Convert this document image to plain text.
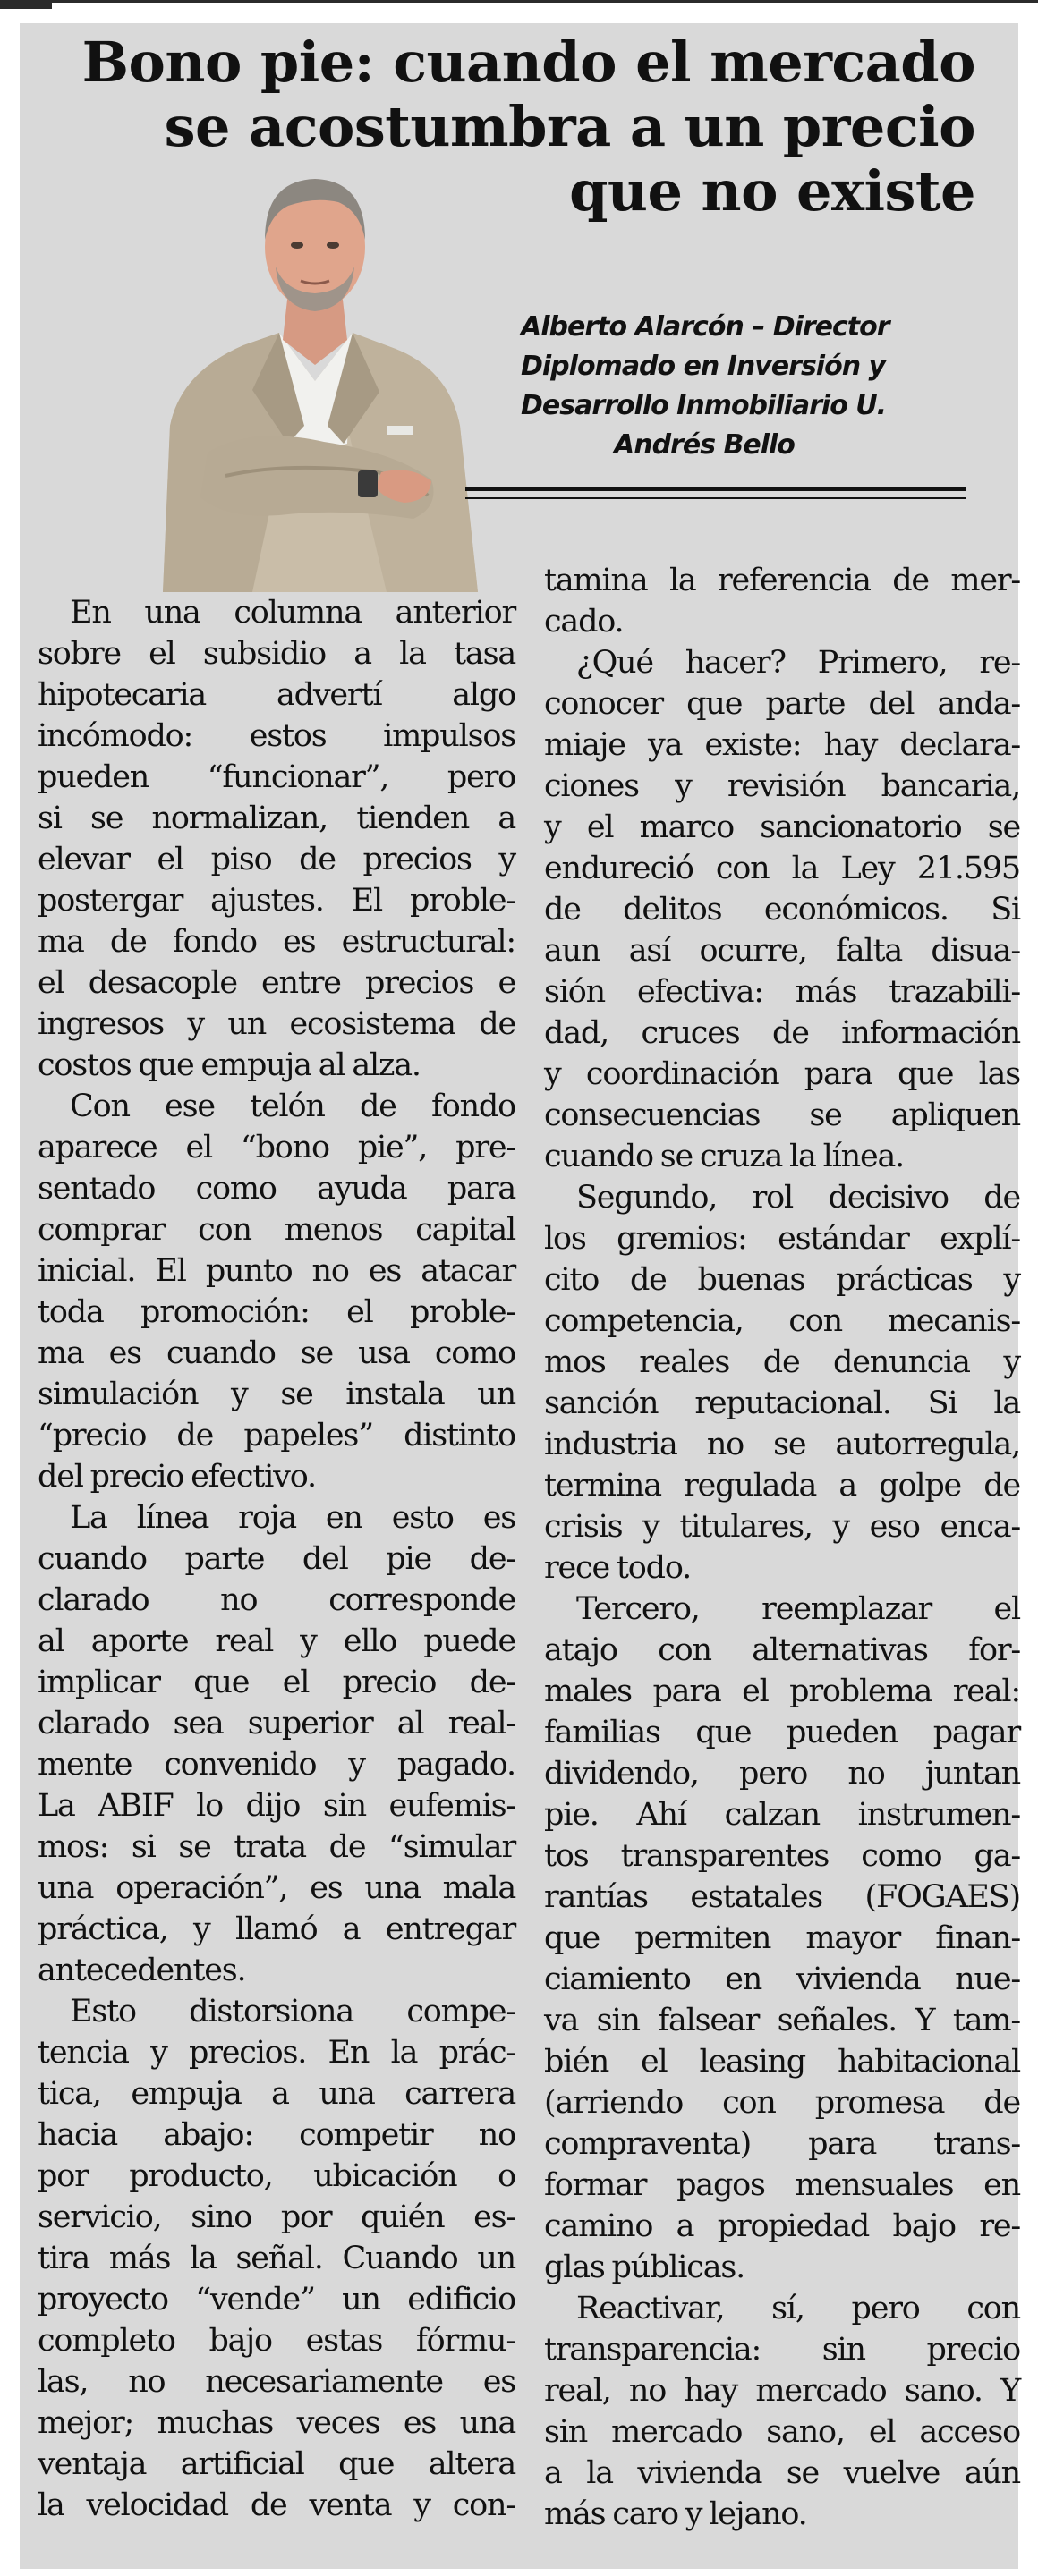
Bono pie: cuando el mercado
se acostumbra a un precio
que no existe
Alberto Alarcón – Director
Diplomado en Inversión y
Desarrollo Inmobiliario U.
Andrés Bello
En una columna anterior
sobre el subsidio a la tasa
hipotecaria advertí algo
incómodo: estos impulsos
pueden “funcionar”, pero
si se normalizan, tienden a
elevar el piso de precios y
postergar ajustes. El proble-
ma de fondo es estructural:
el desacople entre precios e
ingresos y un ecosistema de
costos que empuja al alza.
Con ese telón de fondo
aparece el “bono pie”, pre-
sentado como ayuda para
comprar con menos capital
inicial. El punto no es atacar
toda promoción: el proble-
ma es cuando se usa como
simulación y se instala un
“precio de papeles” distinto
del precio efectivo.
La línea roja en esto es
cuando parte del pie de-
clarado no corresponde
al aporte real y ello puede
implicar que el precio de-
clarado sea superior al real-
mente convenido y pagado.
La ABIF lo dijo sin eufemis-
mos: si se trata de “simular
una operación”, es una mala
práctica, y llamó a entregar
antecedentes.
Esto distorsiona compe-
tencia y precios. En la prác-
tica, empuja a una carrera
hacia abajo: competir no
por producto, ubicación o
servicio, sino por quién es-
tira más la señal. Cuando un
proyecto “vende” un edificio
completo bajo estas fórmu-
las, no necesariamente es
mejor; muchas veces es una
ventaja artificial que altera
la velocidad de venta y con-
tamina la referencia de mer-
cado.
¿Qué hacer? Primero, re-
conocer que parte del anda-
miaje ya existe: hay declara-
ciones y revisión bancaria,
y el marco sancionatorio se
endureció con la Ley 21.595
de delitos económicos. Si
aun así ocurre, falta disua-
sión efectiva: más trazabili-
dad, cruces de información
y coordinación para que las
consecuencias se apliquen
cuando se cruza la línea.
Segundo, rol decisivo de
los gremios: estándar explí-
cito de buenas prácticas y
competencia, con mecanis-
mos reales de denuncia y
sanción reputacional. Si la
industria no se autorregula,
termina regulada a golpe de
crisis y titulares, y eso enca-
rece todo.
Tercero, reemplazar el
atajo con alternativas for-
males para el problema real:
familias que pueden pagar
dividendo, pero no juntan
pie. Ahí calzan instrumen-
tos transparentes como ga-
rantías estatales (FOGAES)
que permiten mayor finan-
ciamiento en vivienda nue-
va sin falsear señales. Y tam-
bién el leasing habitacional
(arriendo con promesa de
compraventa) para trans-
formar pagos mensuales en
camino a propiedad bajo re-
glas públicas.
Reactivar, sí, pero con
transparencia: sin precio
real, no hay mercado sano. Y
sin mercado sano, el acceso
a la vivienda se vuelve aún
más caro y lejano.
